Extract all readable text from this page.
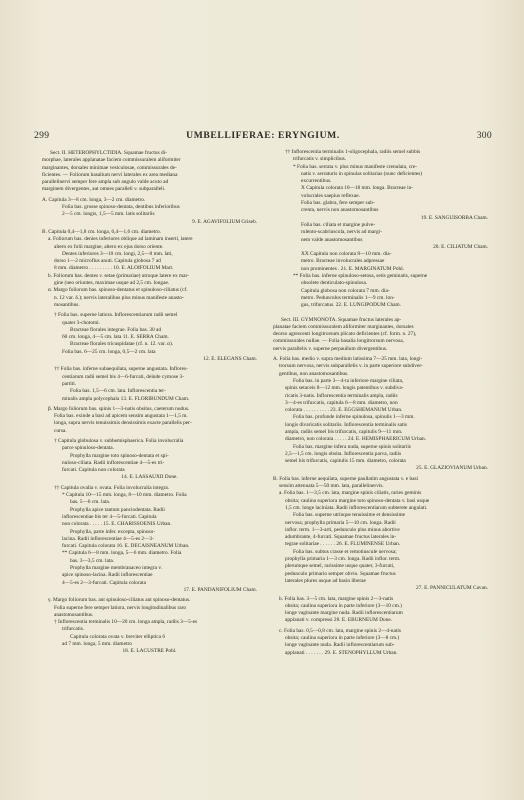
299	UMBELLIFERAE: ERYNGIUM.	300

Sect. II. HETEROPHYLCTIDIA. Squamae fructus di-

morphae, laterales applanatae faciem commissuralem aliformiter

marginantes, dorsales minimae vesiculosae, commissurales de-

ficientes. — Foliorum basalium nervi laterales ex area mediana

parallelinervi semper fere ampla sub angulo valde acuto ad

marginem divergentes, aut omnes paralleli v. subparalleli.

A. Capitula 3—8 cm. longa, 3—2 cm. diametro.

Folia bas. grosse spinoso-dentata, dentibus inferioribus

2—5 cm. longis, 1,5—5 mm. latis solitariis

9. E. AGAVIFOLIUM Griseb.

B. Capitula 0,4—1,8 cm. longa, 0,4—1,6 cm. diametro.

a. Foliorum bas. denies inferiores oblique ad laminam inserti, latere

altero ex folii margine, altero ex ejus dorso oriente.

Dentes inferiores 3—10 cm. longi, 2,5—8 mm. lati,

dorso 1—2 microflus anuti. Capitula globosa 7 ad

8 mm. diametro . . . . . . . . . 10. E. ALOIFOLIUM Mart.

b. Foliorum bas. dentes v. setae (primariae) utroque latere ex mar-

gine (neo oriuntes, maximae usque ad 2,5 cm. longae.

α. Margo foliorum bas. spinoso-dentatus et spinuloso-ciliatus (cf.

n. 12 var. δ.); nervis lateralibus plus minus manifeste anasto-

mosantibus.

† Folia bas. superne latiora. Inflorescentiarum radii semel

quater 3-chotomi.

Bracteae florales integrae. Folia bas. 30 ad

60 cm. longa, 4—5 cm. lata 11. E. SERRA Cham.

Bracteae florales tricuspidatae (cf. n. 12. var. α).

Folia bas. 6—25 cm. longa, 0,5—2 cm. lata

12. E. ELEGANS Cham.

†† Folia bas. inferne subaequilata, superne angustata. Inflores-

centiarum radii semel bis 4—6-furcati, deinde cymose 3-

partiti.

Folia bas. 1,5—6 cm. lata. Inflorescentia ter-

minalis ampla polycephala 13. E. FLORIBUNDUM Cham.

β. Margo foliorum bas. spinis 1—3-natis obsitus, caeterum nudus.

Folia bas. exinde a basi ad apicem sensim angustata 1—1,5 m.

longa, supra nervis tenuissimis densissimis exacte parallelis per-

cursa.

† Capitula globulosa v. subhemisphaerica. Folia involucralia

parce spinuloso-dentata.

Prophylla margine toto spinoso-dentata et spi-

nuloso-ciliata. Radii inflorescentiae 4—5-es tri-

furcati. Capitula non colorata

14. E. LASSAUXII Done.

†† Capitula ovalia v. ovata. Folia involucralia integra.

* Capitula 10—15 mm. longa, 8—10 mm. diametro. Folia

bas. 5—6 cm. lata.

Prophylla apice tantum panciodentata. Radii

inflorescentiae bis ter 4—5-furcati. Capitula

non colorata . . . . . 15. E. CHARISSOENIS Urban.

Prophylla, parte infer. excepta, spinoso-

lacina. Radii inflorescentiae 4—5-es 2—3-

furcati. Capitula colorata 16. E. DECAISNEANUM Urban.

** Capitula 6—8 mm. longa, 5—6 mm. diametro. Folia

bas. 3—3,5 cm. lata.

Prophylla margine membranaceo integra v.

apice spinoso-lacina. Radii inflorescentiae

4—5-es 2—3-furcati. Capitula colorata

17. E. PANDANIFOLIUM Cham.

γ. Margo foliorum bas. aut spinuloso-ciliatus aut spinoso-dentatus.

Folia superne fere semper latiora, nervis longitudinalibus raro

anastomosantibus.

† Inflorescentia terminalis 10—20 cm. longa ampla, radiis 3—5-es

trifurcatis.

Capitula colorata ovata v. breviter elliptica 6

ad 7 mm. longa, 5 mm. diametro

18. E. LACUSTRE Pohl.

†† Inflorescentia terminalis 1-oligocephala, radiis semel subbis

trifurcatis v. simplicibus.

* Folia bas. serrata v. plus minus manifeste crenulata, cre-

natis v. serraturis in spinulas solitarias (nunc deficientes)

excurrentibus.

X Capitula colorata 10—18 mm. longa. Bracteae in-

volucrales saepius reflexae.

Folia bas. glabra, fere semper sub-

crenta, nervis non anastomosantibus

19. E. SANGUISORBA Cham.

Folia bas. ciliata et margine pulve-

rulento-scabriuscula, nervis ad margi-

nem valde anastomosantibus

20. E. CILIATUM Cham.

XX Capitula non colorata 8—10 mm. dia-

metro. Bracteae involucrales adpressae

non prominentes . 21. E. MARGINATUM Pohl.

** Folia bas. inferne spinuloso-setosa, setis geminatis, superne

obsolete denticulato-spinulosa.

Capitula globosa non colorata 7 mm. dia-

metro. Pedunculus terminalis 1—9 cm. lon-

gus, trifurcatus. 22. E. LUNGIPODUM Cham.

Sect. III. GYMNONOTA. Squamae fructus laterales ap-

planatae faciem commissuralem aliformiter marginantes, dorsales

deorso agrescenti longitrorsum plicato deficientes (cf. form. n. 27),

commissurales nullae. — Folia basalia longitrorsum nervosa,

nervis parallelis v. superne perpaullum divergentibus.

A. Folia bas. medio v. supra medium latissima 7—25 mm. lata, longi-

trorsum nervosa, nervis subparallelis v. in parte superiore subdiver-

gentibus, non anastomosantibus.

Folia bas. in parte 3—4-ta inferiore margine ciliata,

spinis setaceis 8—12 mm. longis patentibus v. subdiva-

ricatis 3-natis. Inflorescentia terminalis ampla, radiis

3—4-es trifurcatis, capitula 6—8 mm. diametro, non

colorata . . . . . . . . . . 23. E. EGGSHEMANUM Urban.

Folia bas. profunde inferne spinulosa, spinulis 1—3 mm.

longis divaricatis solitariis. Inflorescentia terminalis satis

ampla, radiis semel bis trifurcatis, capitulis 9—11 mm.

diametro, non colorata . . . . . 24. E. HEMISPHAERICUM Urban.

Folia bas. margine infera nuda, superne spinis solitariis

2,5—1,5 cm. longis obsita. Inflorescentia parva, radiis

semel bis trifurcatis, capitulis 15 mm. diametro, colorata

25. E. GLAZIOVIANUM Urban.

B. Folia bas. inferne aequilata, superne paullatim angustata v. e basi

sensim attenuata 5—50 mm. lata, parallelinervis.

a. Folia bas. 1—3,5 cm. lata, margine spinis ciliatis, raries geminis

obsita; caulina superiora margine toto spinoso-dentata v. basi usque

1,5 cm. longe laciniata. Radii inflorescentiarum subterete angulati.

Folia bas. superne utrinque tenuissime et densissime

nervosa; prophylla primaria 5—10 cm. longa. Radii

inflor. term. 1—3-arti, pedunculo plus minus abortive

adumbrante, 4-furcati. Squamae fructus laterales in-

tegrae solitariae . . . . . . 26. E. FLUMINENSE Urban.

Folia bas. subtus crasse et remotiuscule nervosa;

prophylla primaria 1—3 cm. longa. Radii inflor. term.

plerumque semel, rarissime usque quater, 3-furcati,

pedunculo primario semper obvio. Squamae fructus

laterales plures usque ad basin liberae

27. E. PANNICULATUM Cavan.

b. Folia bas. 3—5 cm. lata, margine spinis 2—3-natis

obsita; caulina superiora in parte inferiore (3—10 cm.)

longe vaginante margine nuda. Radii inflorescentiarum

applanati v. compressi 28. E. EBURNEUM Done.

c. Folia bas. 0,5—0,8 cm. lata, margine spinis 2—4-natis

obsita; caulina superiora in parte inferiore (3—8 cm.)

longe vaginante nuda. Radii inflorescentiarum sub-

applanati . . . . . . . 29. E. STENOPHYLLUM Urban.
